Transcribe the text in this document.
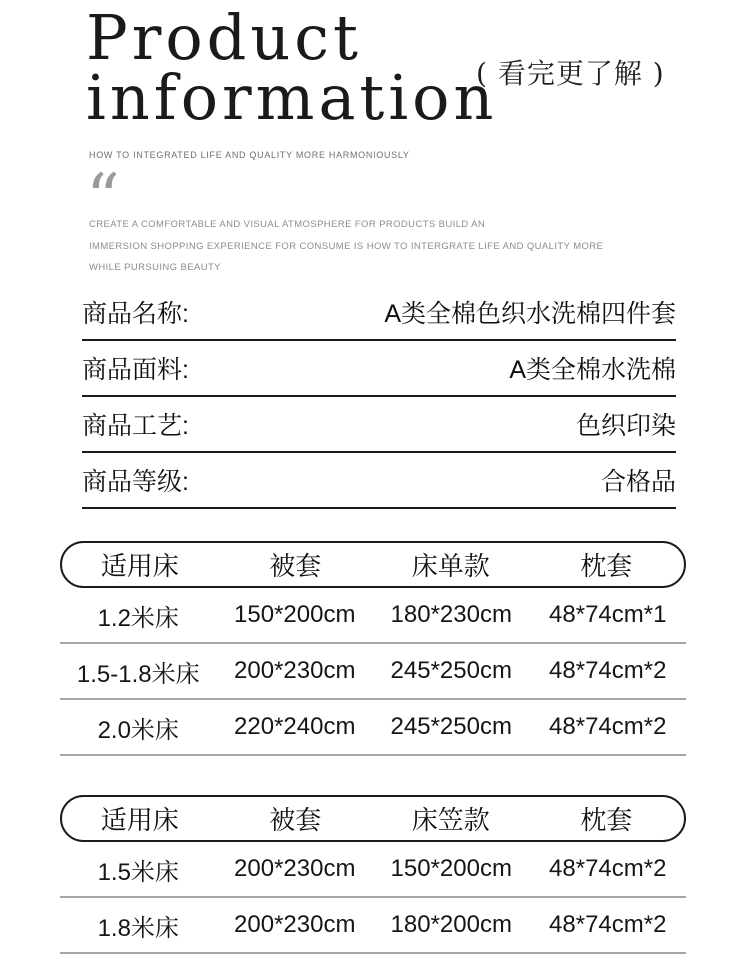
Product
information
( 看完更了解 )
HOW TO INTEGRATED LIFE AND QUALITY MORE HARMONIOUSLY
“
CREATE A COMFORTABLE AND VISUAL ATMOSPHERE FOR PRODUCTS BUILD AN
IMMERSION SHOPPING EXPERIENCE FOR CONSUME IS HOW TO INTERGRATE LIFE AND QUALITY MORE
WHILE PURSUING BEAUTY
商品名称:	A类全棉色织水洗棉四件套
商品面料:	A类全棉水洗棉
商品工艺:	色织印染
商品等级:	合格品
适用床	被套	床单款	枕套
1.2米床	150*200cm	180*230cm	48*74cm*1
1.5-1.8米床	200*230cm	245*250cm	48*74cm*2
2.0米床	220*240cm	245*250cm	48*74cm*2
适用床	被套	床笠款	枕套
1.5米床	200*230cm	150*200cm	48*74cm*2
1.8米床	200*230cm	180*200cm	48*74cm*2
